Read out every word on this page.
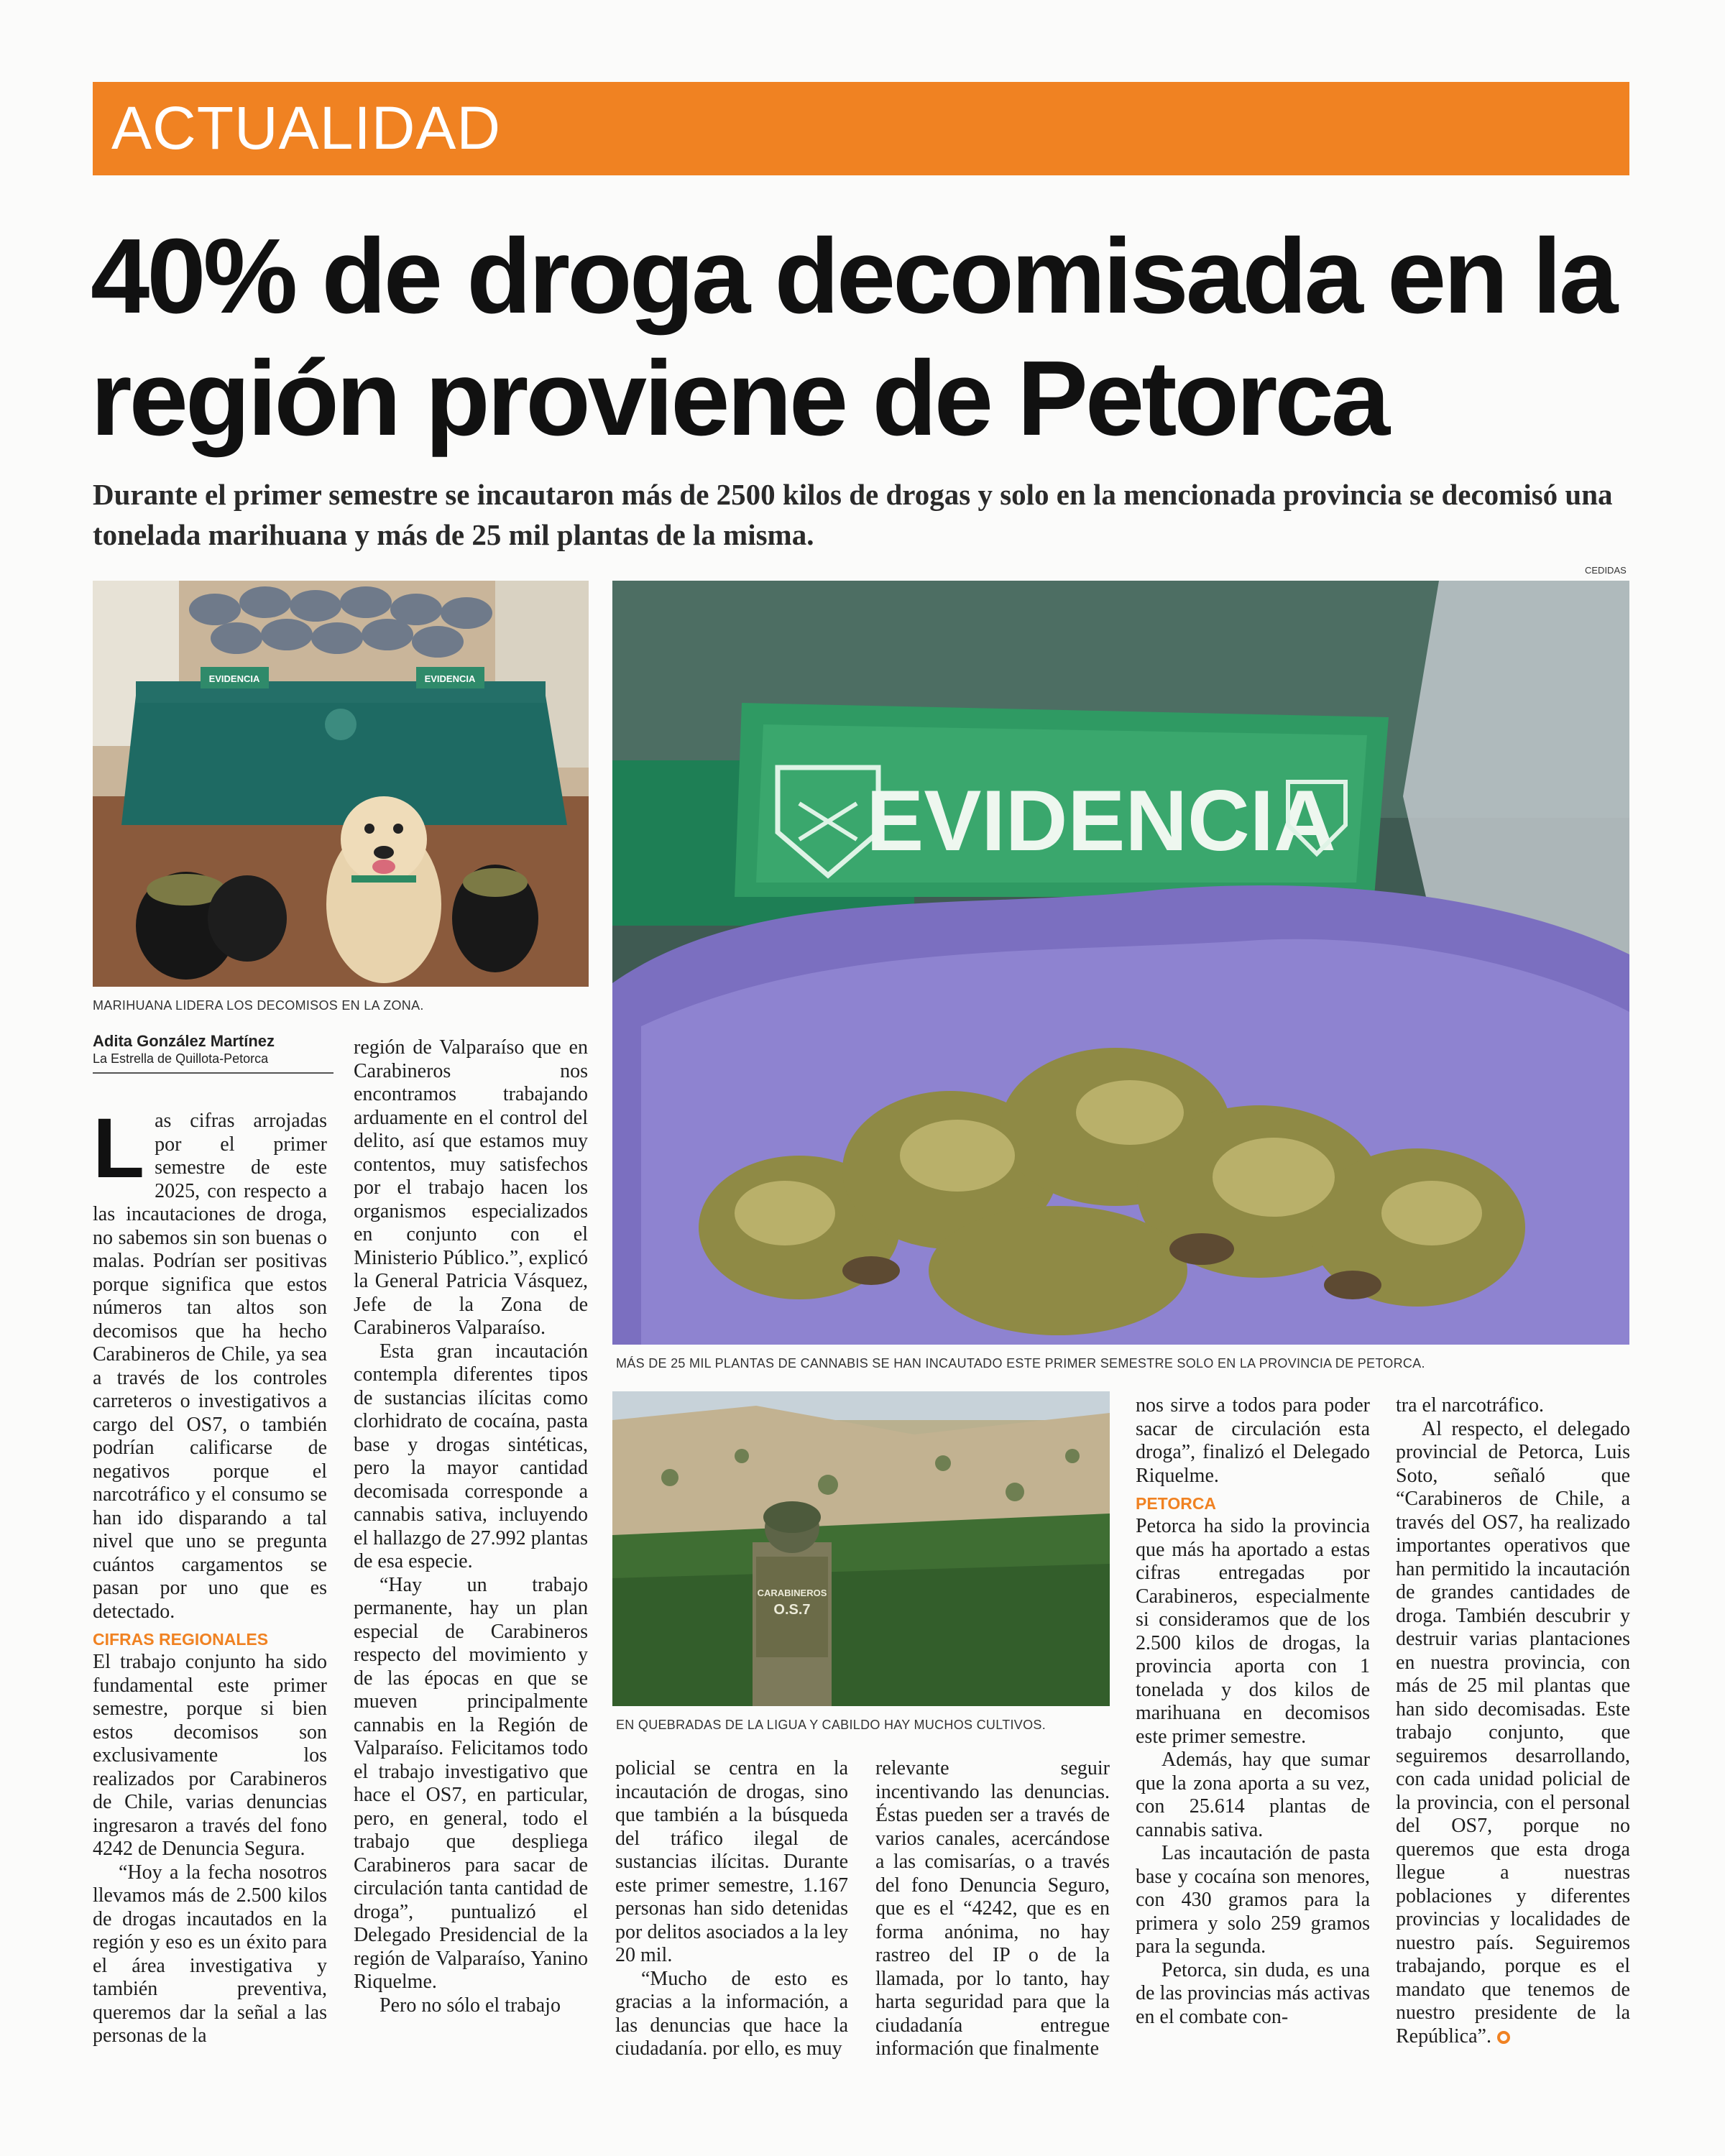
ACTUALIDAD
40% de droga decomisada en la región proviene de Petorca

Durante el primer semestre se incautaron más de 2500 kilos de drogas y solo en la mencionada provincia se decomisó una tonelada marihuana y más de 25 mil plantas de la misma.

CEDIDAS
EVIDENCIA	EVIDENCIA
MARIHUANA LIDERA LOS DECOMISOS EN LA ZONA.
EVIDENCIA
MÁS DE 25 MIL PLANTAS DE CANNABIS SE HAN INCAUTADO ESTE PRIMER SEMESTRE SOLO EN LA PROVINCIA DE PETORCA.
CARABINEROS
O.S.7
EN QUEBRADAS DE LA LIGUA Y CABILDO HAY MUCHOS CULTIVOS.
Adita González Martínez
La Estrella de Quillota-Petorca

Las cifras arrojadas por el primer semestre de este 2025, con respecto a las incautaciones de droga, no sabemos sin son buenas o malas. Podrían ser positivas porque significa que estos números tan altos son decomisos que ha hecho Carabineros de Chile, ya sea a través de los controles carreteros o investigativos a cargo del OS7, o también podrían calificarse de negativos porque el narcotráfico y el consumo se han ido disparando a tal nivel que uno se pregunta cuántos cargamentos se pasan por uno que es detectado.

CIFRAS REGIONALES

El trabajo conjunto ha sido fundamental este primer semestre, porque si bien estos decomisos son exclusivamente los realizados por Carabineros de Chile, varias denuncias ingresaron a través del fono 4242 de Denuncia Segura.

“Hoy a la fecha nosotros llevamos más de 2.500 kilos de drogas incautados en la región y eso es un éxito para el área investigativa y también preventiva, queremos dar la señal a las personas de la

región de Valparaíso que en Carabineros nos encontramos trabajando arduamente en el control del delito, así que estamos muy contentos, muy satisfechos por el trabajo hacen los organismos especializados en conjunto con el Ministerio Público.”, explicó la General Patricia Vásquez, Jefe de la Zona de Carabineros Valparaíso.

Esta gran incautación contempla diferentes tipos de sustancias ilícitas como clorhidrato de cocaína, pasta base y drogas sintéticas, pero la mayor cantidad decomisada corresponde a cannabis sativa, incluyendo el hallazgo de 27.992 plantas de esa especie.

“Hay un trabajo permanente, hay un plan especial de Carabineros respecto del movimiento y de las épocas en que se mueven principalmente cannabis en la Región de Valparaíso. Felicitamos todo el trabajo investigativo que hace el OS7, en particular, pero, en general, todo el trabajo que despliega Carabineros para sacar de circulación tanta cantidad de droga”, puntualizó el Delegado Presidencial de la región de Valparaíso, Yanino Riquelme.

Pero no sólo el trabajo

policial se centra en la incautación de drogas, sino que también a la búsqueda del tráfico ilegal de sustancias ilícitas. Durante este primer semestre, 1.167 personas han sido detenidas por delitos asociados a la ley 20 mil.

“Mucho de esto es gracias a la información, a las denuncias que hace la ciudadanía. por ello, es muy

relevante seguir incentivando las denuncias. Éstas pueden ser a través de varios canales, acercándose a las comisarías, o a través del fono Denuncia Seguro, que es el “4242, que es en forma anónima, no hay rastreo del IP o de la llamada, por lo tanto, hay harta seguridad para que la ciudadanía entregue información que finalmente

nos sirve a todos para poder sacar de circulación esta droga”, finalizó el Delegado Riquelme.

PETORCA

Petorca ha sido la provincia que más ha aportado a estas cifras entregadas por Carabineros, especialmente si consideramos que de los 2.500 kilos de drogas, la provincia aporta con 1 tonelada y dos kilos de marihuana en decomisos este primer semestre.

Además, hay que sumar que la zona aporta a su vez, con 25.614 plantas de cannabis sativa.

Las incautación de pasta base y cocaína son menores, con 430 gramos para la primera y solo 259 gramos para la segunda.

Petorca, sin duda, es una de las provincias más activas en el combate con-

tra el narcotráfico.

Al respecto, el delegado provincial de Petorca, Luis Soto, señaló que “Carabineros de Chile, a través del OS7, ha realizado importantes operativos que han permitido la incautación de grandes cantidades de droga. También descubrir y destruir varias plantaciones en nuestra provincia, con más de 25 mil plantas que han sido decomisadas. Este trabajo conjunto, que seguiremos desarrollando, con cada unidad policial de la provincia, con el personal del OS7, porque no queremos que esta droga llegue a nuestras poblaciones y diferentes provincias y localidades de nuestro país. Seguiremos trabajando, porque es el mandato que tenemos de nuestro presidente de la República”.
